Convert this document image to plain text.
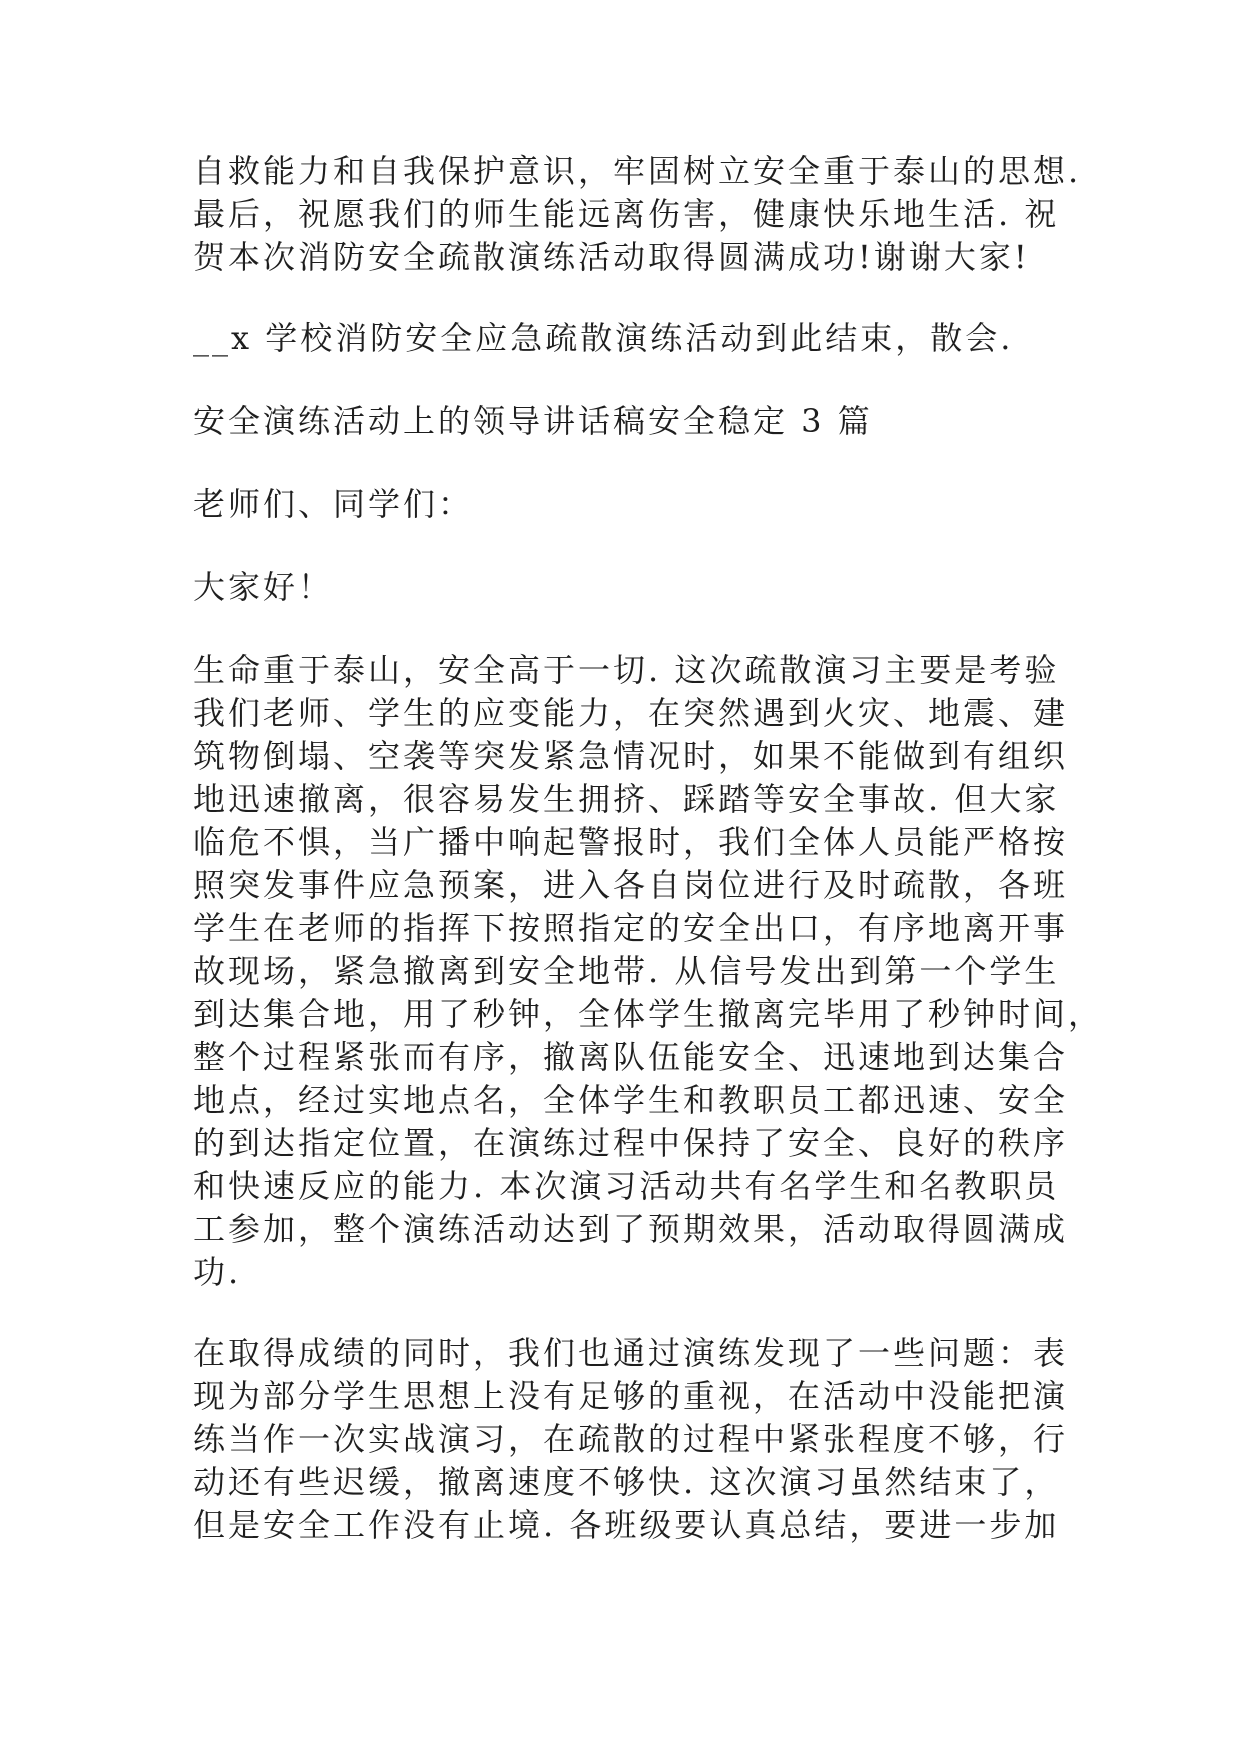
自救能力和自我保护意识，牢固树立安全重于泰山的思想.
最后，祝愿我们的师生能远离伤害，健康快乐地生活. 祝
贺本次消防安全疏散演练活动取得圆满成功!谢谢大家!

__x 学校消防安全应急疏散演练活动到此结束，散会.

安全演练活动上的领导讲话稿安全稳定 3 篇

老师们、同学们：

大家好！

生命重于泰山，安全高于一切. 这次疏散演习主要是考验
我们老师、学生的应变能力，在突然遇到火灾、地震、建
筑物倒塌、空袭等突发紧急情况时，如果不能做到有组织
地迅速撤离，很容易发生拥挤、踩踏等安全事故. 但大家
临危不惧，当广播中响起警报时，我们全体人员能严格按
照突发事件应急预案，进入各自岗位进行及时疏散，各班
学生在老师的指挥下按照指定的安全出口，有序地离开事
故现场，紧急撤离到安全地带. 从信号发出到第一个学生
到达集合地，用了秒钟，全体学生撤离完毕用了秒钟时间，
整个过程紧张而有序，撤离队伍能安全、迅速地到达集合
地点，经过实地点名，全体学生和教职员工都迅速、安全
的到达指定位置，在演练过程中保持了安全、良好的秩序
和快速反应的能力. 本次演习活动共有名学生和名教职员
工参加，整个演练活动达到了预期效果，活动取得圆满成
功.

在取得成绩的同时，我们也通过演练发现了一些问题：表
现为部分学生思想上没有足够的重视，在活动中没能把演
练当作一次实战演习，在疏散的过程中紧张程度不够，行
动还有些迟缓，撤离速度不够快. 这次演习虽然结束了，
但是安全工作没有止境. 各班级要认真总结，要进一步加
